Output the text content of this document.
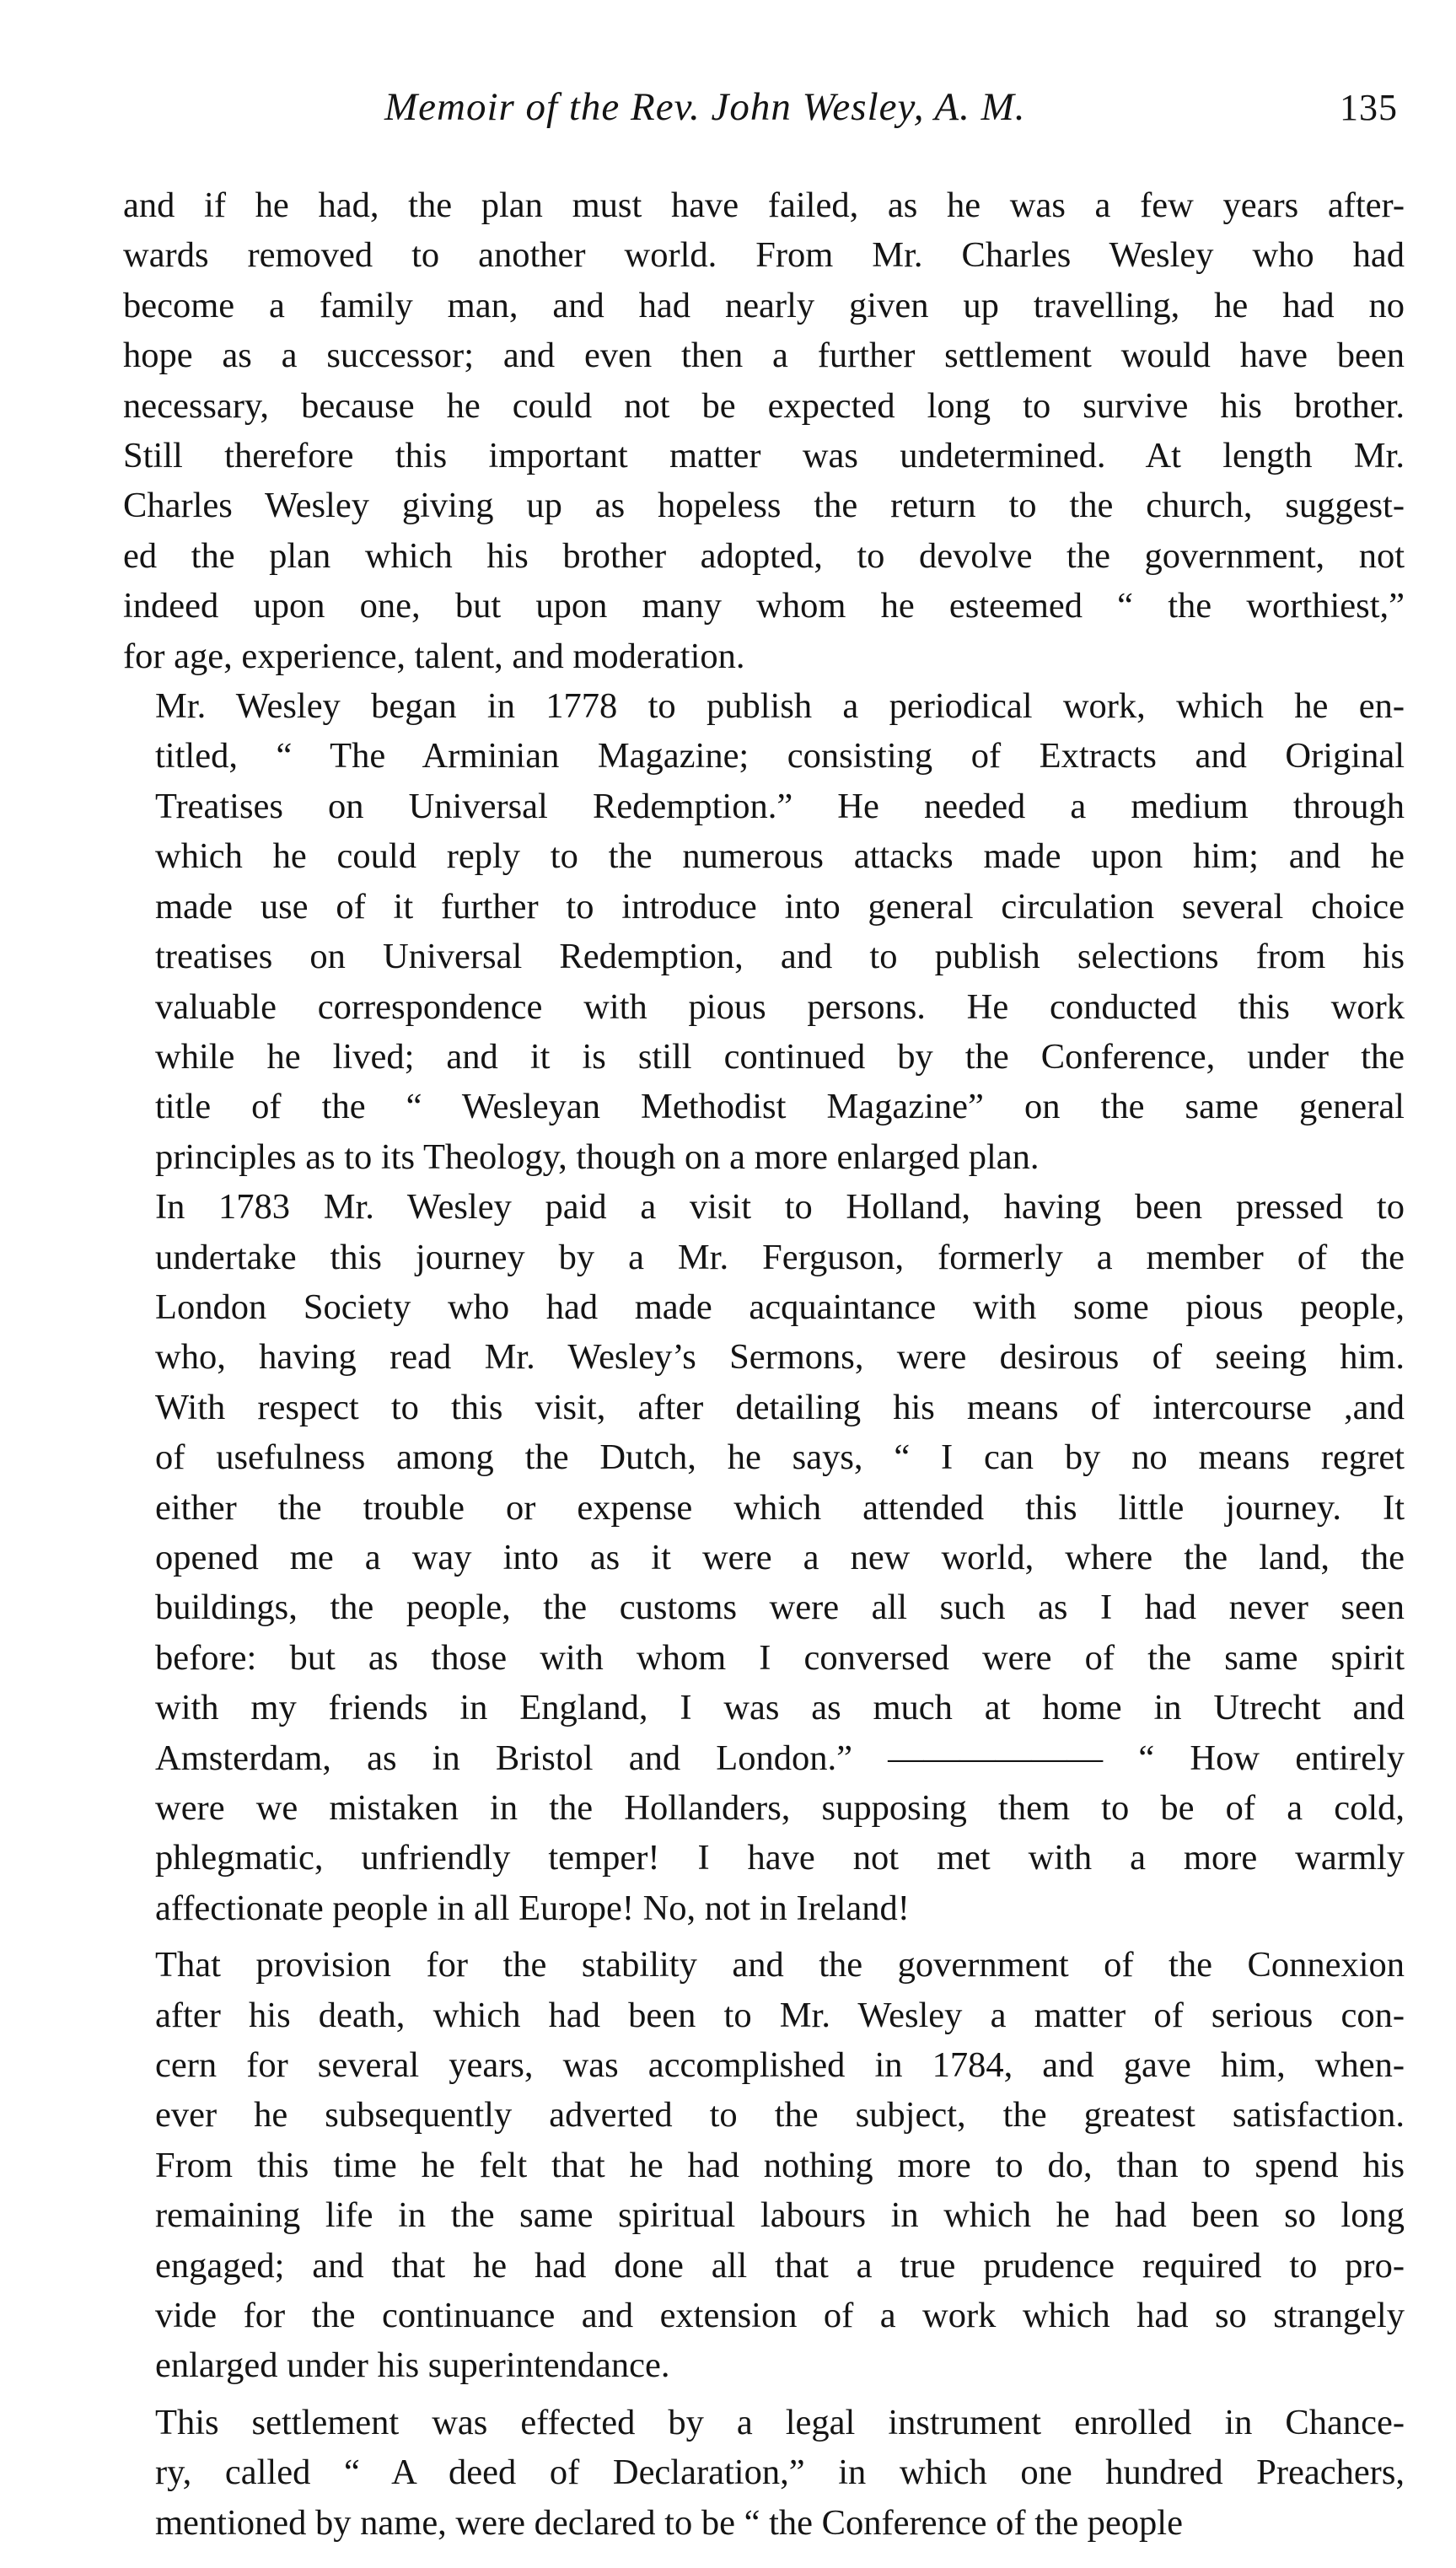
Memoir of the Rev. John Wesley, A. M.	135

and if he had, the plan must have failed, as he was a few years after-
wards removed to another world. From Mr. Charles Wesley who had
become a family man, and had nearly given up travelling, he had no
hope as a successor; and even then a further settlement would have been
necessary, because he could not be expected long to survive his brother.
Still therefore this important matter was undetermined. At length Mr.
Charles Wesley giving up as hopeless the return to the church, suggest-
ed the plan which his brother adopted, to devolve the government, not
indeed upon one, but upon many whom he esteemed “ the worthiest,”
for age, experience, talent, and moderation.

Mr. Wesley began in 1778 to publish a periodical work, which he en-
titled, “ The Arminian Magazine; consisting of Extracts and Original
Treatises on Universal Redemption.” He needed a medium through
which he could reply to the numerous attacks made upon him; and he
made use of it further to introduce into general circulation several choice
treatises on Universal Redemption, and to publish selections from his
valuable correspondence with pious persons. He conducted this work
while he lived; and it is still continued by the Conference, under the
title of the “ Wesleyan Methodist Magazine” on the same general
principles as to its Theology, though on a more enlarged plan.

In 1783 Mr. Wesley paid a visit to Holland, having been pressed to
undertake this journey by a Mr. Ferguson, formerly a member of the
London Society who had made acquaintance with some pious people,
who, having read Mr. Wesley’s Sermons, were desirous of seeing him.
With respect to this visit, after detailing his means of intercourse ,and
of usefulness among the Dutch, he says, “ I can by no means regret
either the trouble or expense which attended this little journey. It
opened me a way into as it were a new world, where the land, the
buildings, the people, the customs were all such as I had never seen
before: but as those with whom I conversed were of the same spirit
with my friends in England, I was as much at home in Utrecht and
Amsterdam, as in Bristol and London.” —————— “ How entirely
were we mistaken in the Hollanders, supposing them to be of a cold,
phlegmatic, unfriendly temper! I have not met with a more warmly
affectionate people in all Europe! No, not in Ireland!

That provision for the stability and the government of the Connexion
after his death, which had been to Mr. Wesley a matter of serious con-
cern for several years, was accomplished in 1784, and gave him, when-
ever he subsequently adverted to the subject, the greatest satisfaction.
From this time he felt that he had nothing more to do, than to spend his
remaining life in the same spiritual labours in which he had been so long
engaged; and that he had done all that a true prudence required to pro-
vide for the continuance and extension of a work which had so strangely
enlarged under his superintendance.

This settlement was effected by a legal instrument enrolled in Chance-
ry, called “ A deed of Declaration,” in which one hundred Preachers,
mentioned by name, were declared to be “ the Conference of the people
